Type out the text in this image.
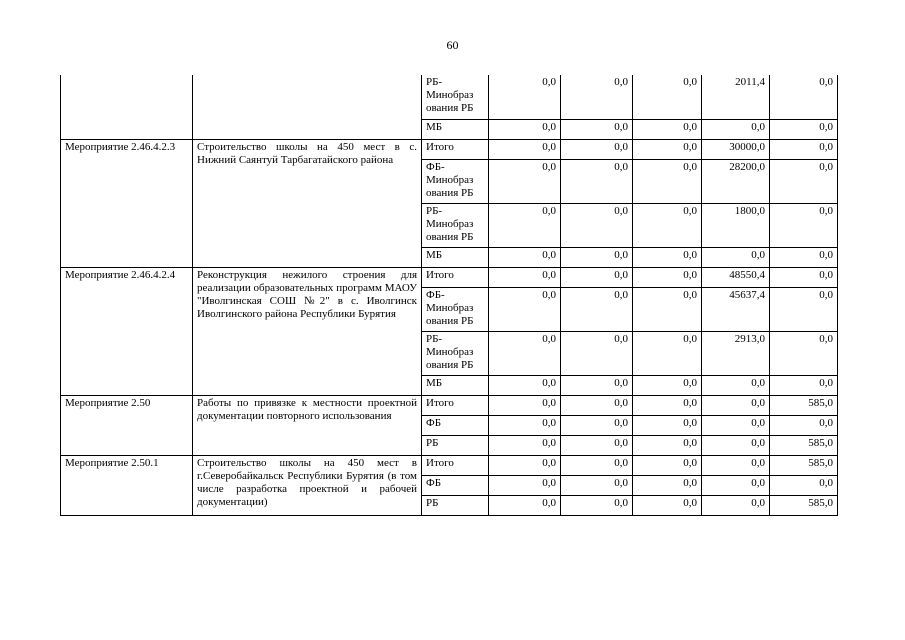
60
		РБ-
Минобраз
ования РБ	0,0	0,0	0,0	2011,4	0,0
		МБ	0,0	0,0	0,0	0,0	0,0
Мероприятие 2.46.4.2.3	Строительство школы на 450 мест в с. Нижний Саянтуй Тарбагатайского района	Итого	0,0	0,0	0,0	30000,0	0,0
		ФБ-
Минобраз
ования РБ	0,0	0,0	0,0	28200,0	0,0
		РБ-
Минобраз
ования РБ	0,0	0,0	0,0	1800,0	0,0
		МБ	0,0	0,0	0,0	0,0	0,0
Мероприятие 2.46.4.2.4	Реконструкция нежилого строения для реализации образовательных программ МАОУ "Иволгинская СОШ №2" в с. Иволгинск Иволгинского района Республики Бурятия	Итого	0,0	0,0	0,0	48550,4	0,0
		ФБ-
Минобраз
ования РБ	0,0	0,0	0,0	45637,4	0,0
		РБ-
Минобраз
ования РБ	0,0	0,0	0,0	2913,0	0,0
		МБ	0,0	0,0	0,0	0,0	0,0
Мероприятие 2.50	Работы по привязке к местности проектной документации повторного использования	Итого	0,0	0,0	0,0	0,0	585,0
		ФБ	0,0	0,0	0,0	0,0	0,0
		РБ	0,0	0,0	0,0	0,0	585,0
Мероприятие 2.50.1	Строительство школы на 450 мест в г.Северобайкальск Республики Бурятия (в том числе разработка проектной и рабочей документации)	Итого	0,0	0,0	0,0	0,0	585,0
		ФБ	0,0	0,0	0,0	0,0	0,0
		РБ	0,0	0,0	0,0	0,0	585,0
